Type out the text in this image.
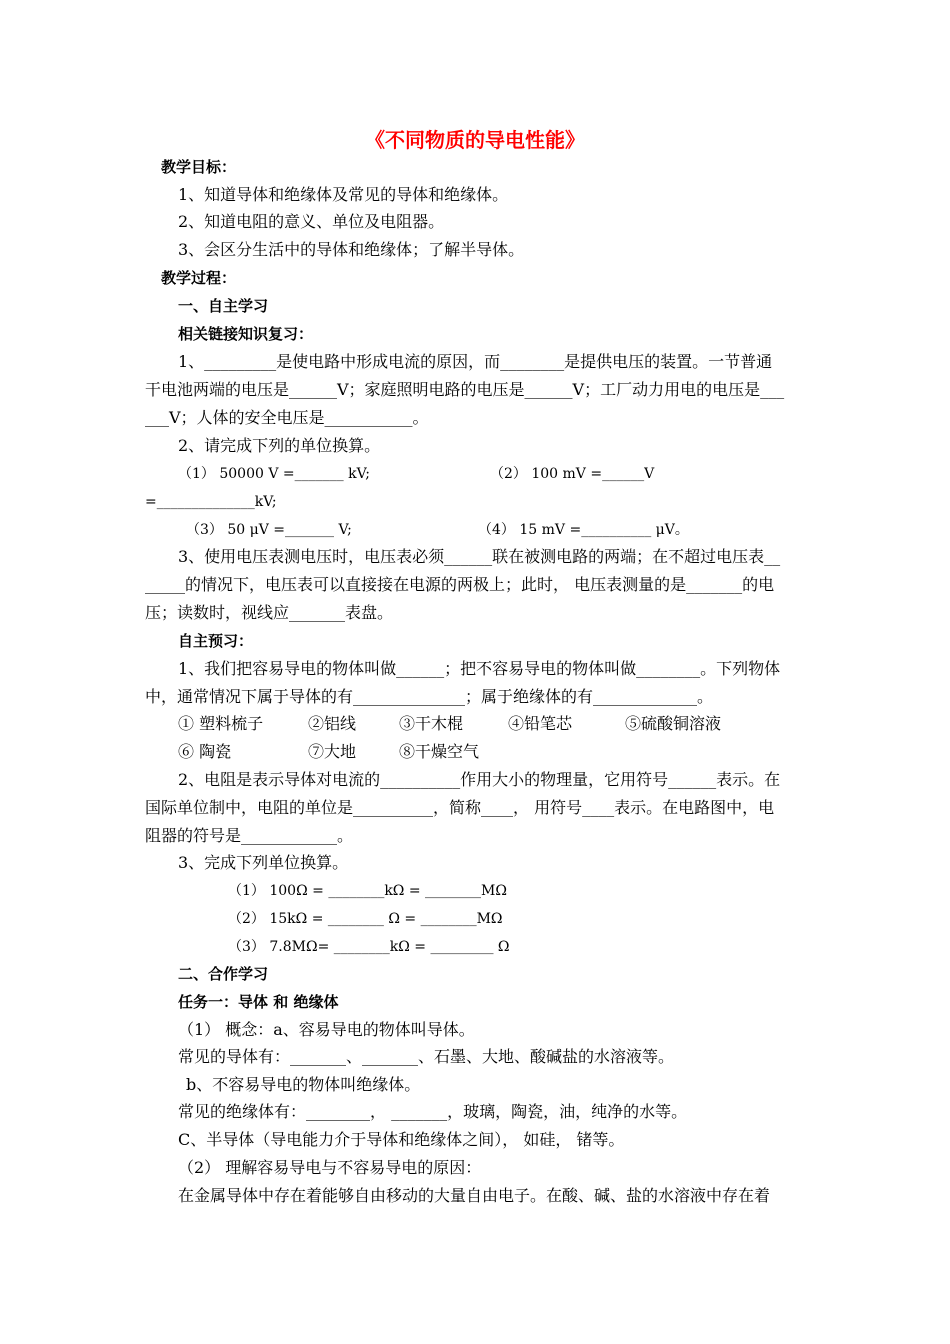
《不同物质的导电性能》
教学目标：
1、知道导体和绝缘体及常见的导体和绝缘体。
2、知道电阻的意义、单位及电阻器。
3、会区分生活中的导体和绝缘体；了解半导体。
教学过程：
一、自主学习
相关链接知识复习：
1、_________是使电路中形成电流的原因，而________是提供电压的装置。一节普通
干电池两端的电压是______V；家庭照明电路的电压是______V；工厂动力用电的电压是___
___V；人体的安全电压是___________。
2、请完成下列的单位换算。
（1） 50000 V =_______ kV;	（2） 100 mV =______V
=______________kV;
（3） 50 μV =_______ V;	（4） 15 mV =__________ μV。
3、使用电压表测电压时，电压表必须______联在被测电路的两端；在不超过电压表__
_____的情况下，电压表可以直接接在电源的两极上；此时， 电压表测量的是_______的电
压；读数时，视线应_______表盘。
自主预习：
1、我们把容易导电的物体叫做______；把不容易导电的物体叫做________。下列物体
中，通常情况下属于导体的有______________；属于绝缘体的有_____________。
① 塑料梳子	②铝线	③干木棍	④铅笔芯	⑤硫酸铜溶液
⑥ 陶瓷	⑦大地	⑧干燥空气
2、电阻是表示导体对电流的__________作用大小的物理量，它用符号______表示。在
国际单位制中，电阻的单位是__________，简称____， 用符号____表示。在电路图中，电
阻器的符号是____________。
3、完成下列单位换算。
（1） 100Ω = ________kΩ = ________MΩ
（2） 15kΩ = ________ Ω = ________MΩ
（3） 7.8MΩ= ________kΩ = _________ Ω
二、合作学习
任务一：导体 和 绝缘体
（1） 概念：a、容易导电的物体叫导体。
常见的导体有：_______、_______、石墨、大地、酸碱盐的水溶液等。
b、不容易导电的物体叫绝缘体。
常见的绝缘体有：________， _______，玻璃，陶瓷，油，纯净的水等。
C、半导体（导电能力介于导体和绝缘体之间）， 如硅， 锗等。
（2） 理解容易导电与不容易导电的原因：
在金属导体中存在着能够自由移动的大量自由电子。在酸、碱、盐的水溶液中存在着
